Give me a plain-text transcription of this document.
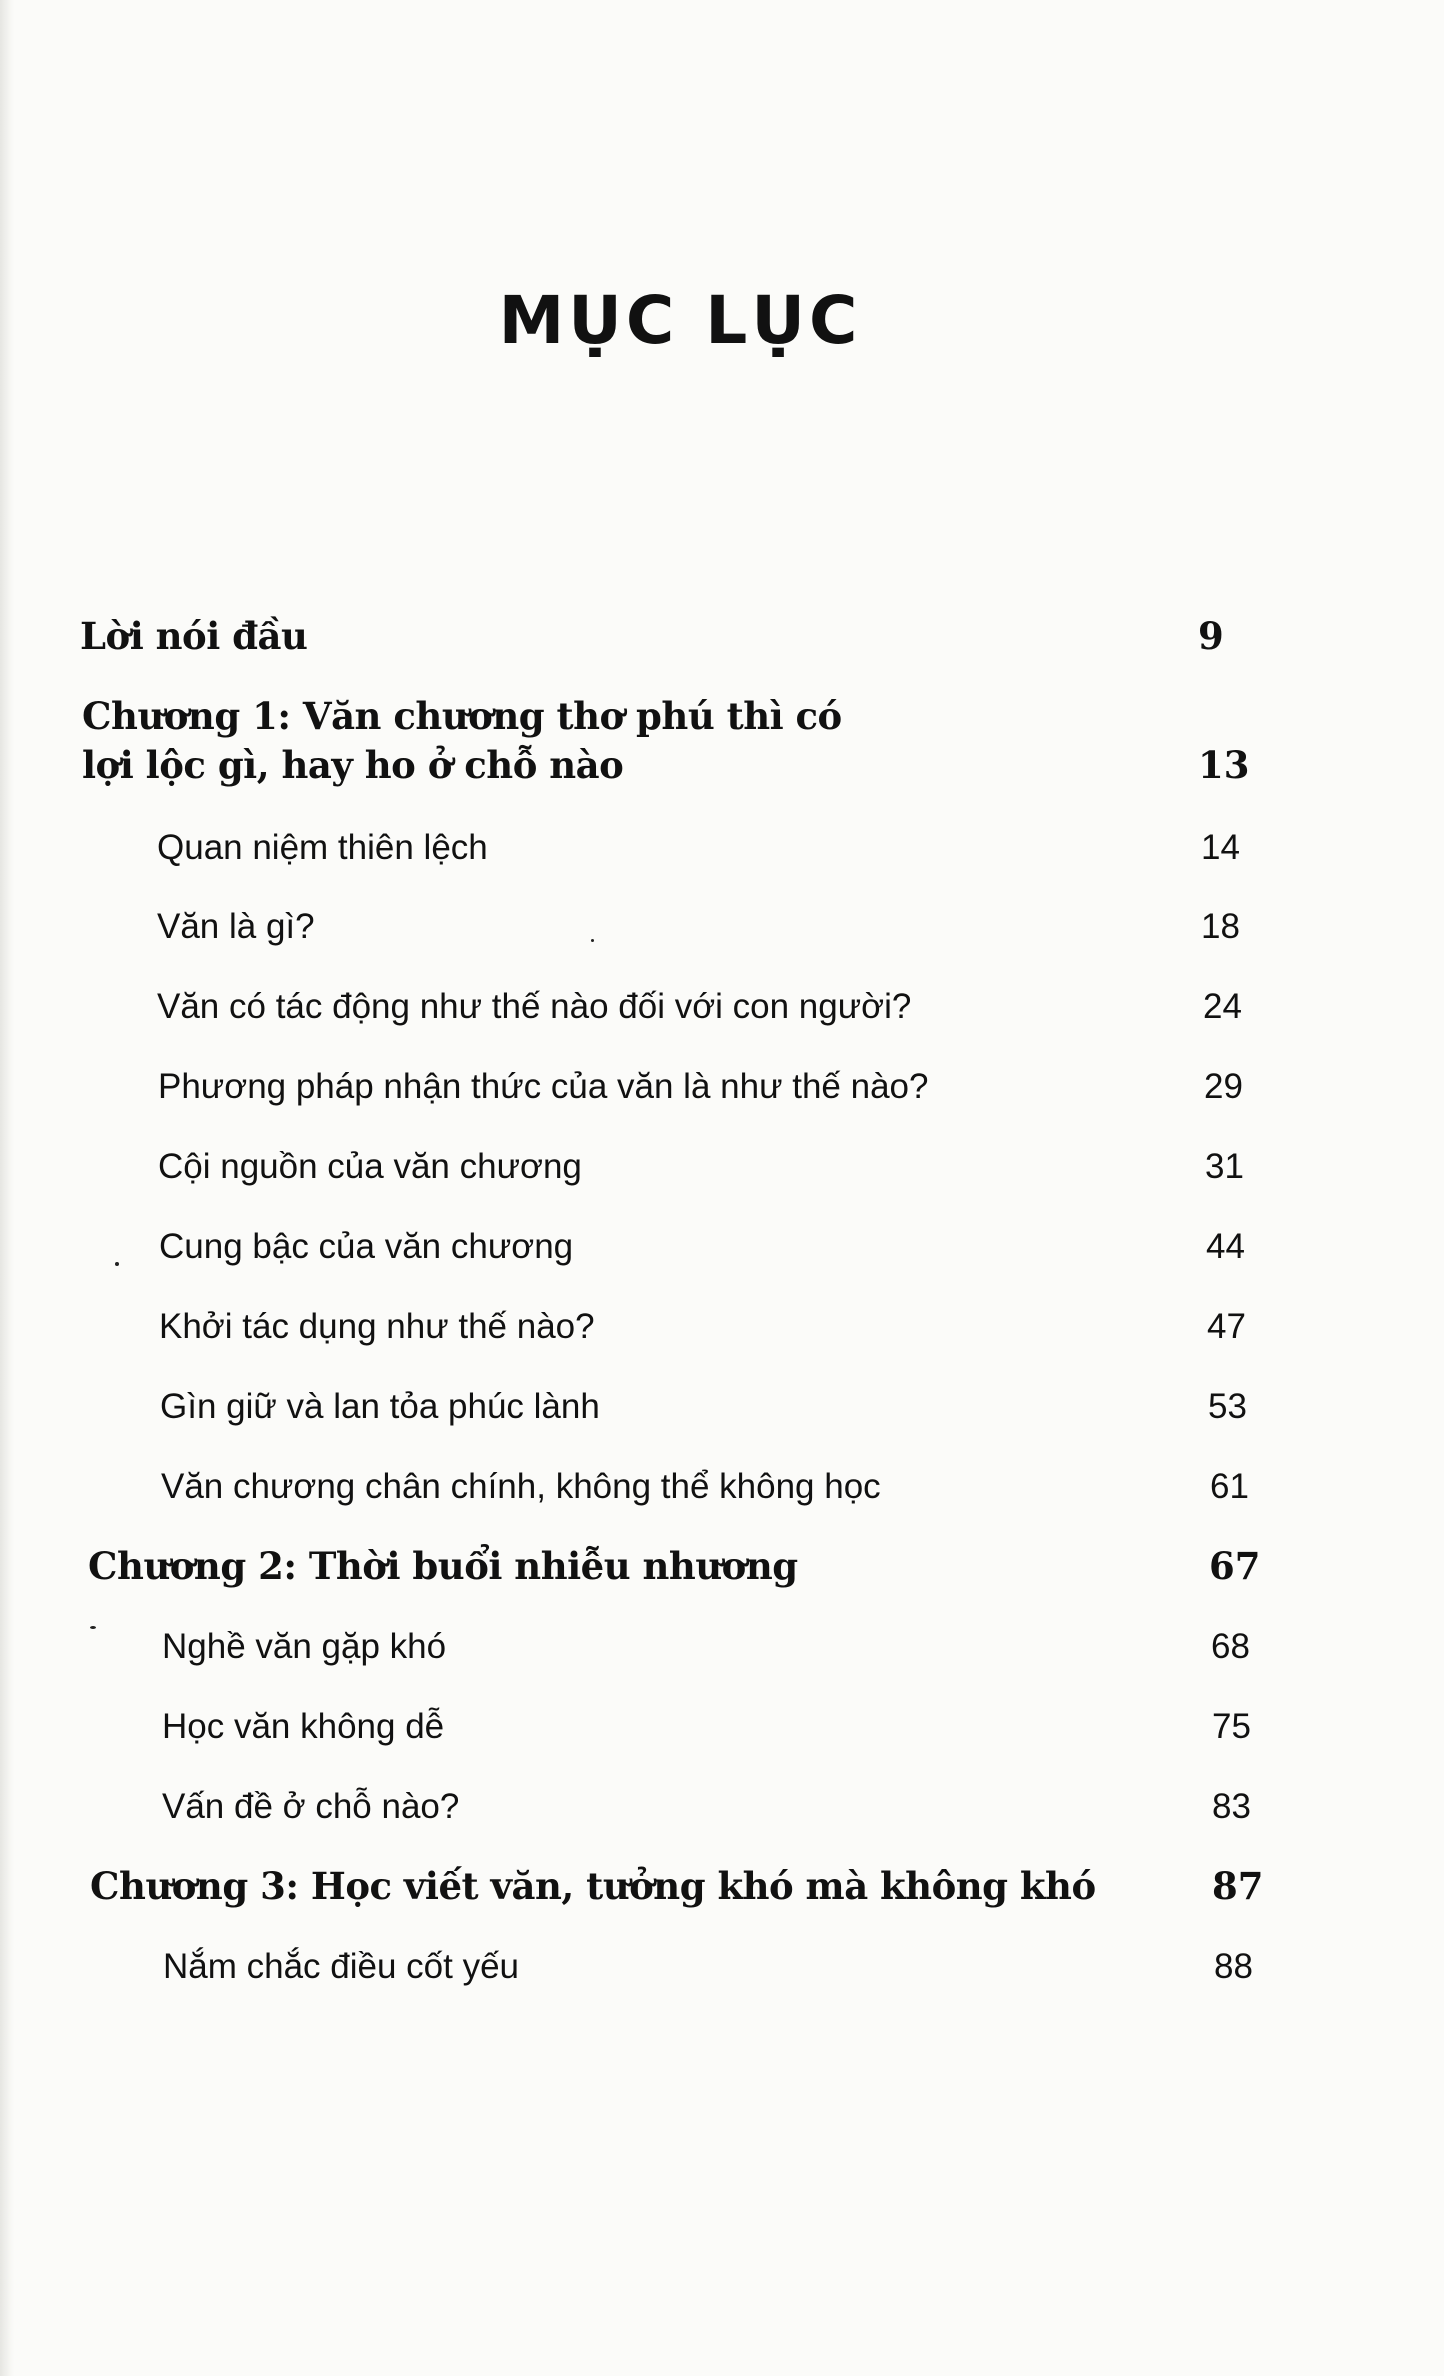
MỤC LỤC
Lời nói đầu	9
Chương 1: Văn chương thơ phú thì có
lợi lộc gì, hay ho ở chỗ nào	13
Quan niệm thiên lệch	14
Văn là gì?	18
Văn có tác động như thế nào đối với con người?	24
Phương pháp nhận thức của văn là như thế nào?	29
Cội nguồn của văn chương	31
Cung bậc của văn chương	44
Khởi tác dụng như thế nào?	47
Gìn giữ và lan tỏa phúc lành	53
Văn chương chân chính, không thể không học	61
Chương 2: Thời buổi nhiễu nhương	67
Nghề văn gặp khó	68
Học văn không dễ	75
Vấn đề ở chỗ nào?	83
Chương 3: Học viết văn, tưởng khó mà không khó	87
Nắm chắc điều cốt yếu	88
